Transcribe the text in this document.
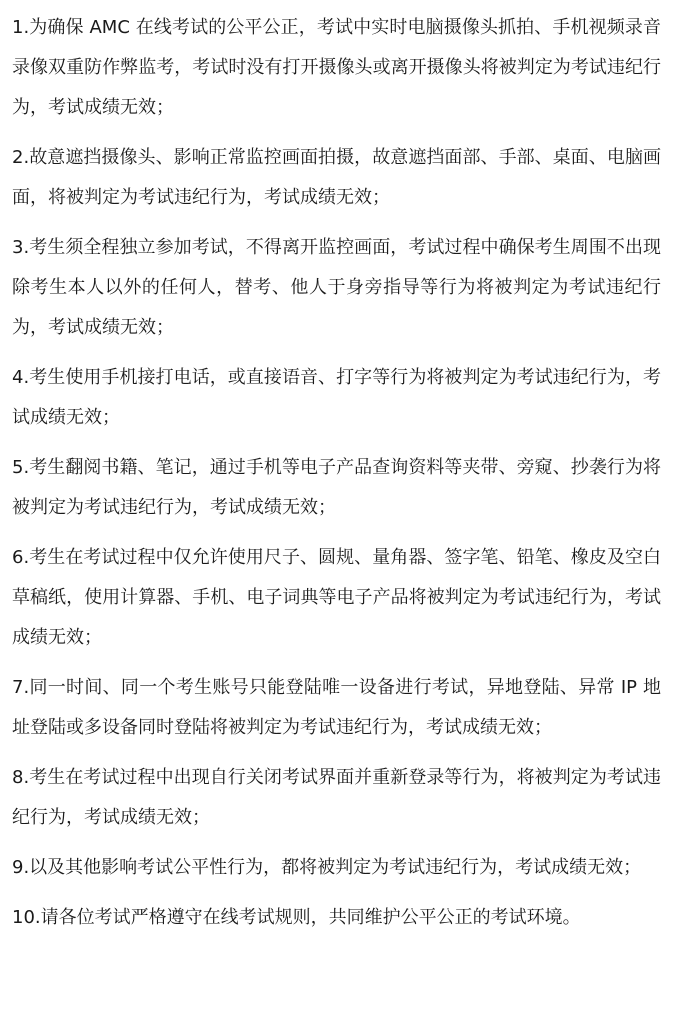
1.为确保 AMC 在线考试的公平公正，考试中实时电脑摄像头抓拍、手机视频录音录像双重防作弊监考，考试时没有打开摄像头或离开摄像头将被判定为考试违纪行为，考试成绩无效；

2.故意遮挡摄像头、影响正常监控画面拍摄，故意遮挡面部、手部、桌面、电脑画面，将被判定为考试违纪行为，考试成绩无效；

3.考生须全程独立参加考试，不得离开监控画面，考试过程中确保考生周围不出现除考生本人以外的任何人，替考、他人于身旁指导等行为将被判定为考试违纪行为，考试成绩无效；

4.考生使用手机接打电话，或直接语音、打字等行为将被判定为考试违纪行为，考试成绩无效；

5.考生翻阅书籍、笔记，通过手机等电子产品查询资料等夹带、旁窥、抄袭行为将被判定为考试违纪行为，考试成绩无效；

6.考生在考试过程中仅允许使用尺子、圆规、量角器、签字笔、铅笔、橡皮及空白草稿纸，使用计算器、手机、电子词典等电子产品将被判定为考试违纪行为，考试成绩无效；

7.同一时间、同一个考生账号只能登陆唯一设备进行考试，异地登陆、异常 IP 地址登陆或多设备同时登陆将被判定为考试违纪行为，考试成绩无效；

8.考生在考试过程中出现自行关闭考试界面并重新登录等行为，将被判定为考试违纪行为，考试成绩无效；

9.以及其他影响考试公平性行为，都将被判定为考试违纪行为，考试成绩无效；

10.请各位考试严格遵守在线考试规则，共同维护公平公正的考试环境。
